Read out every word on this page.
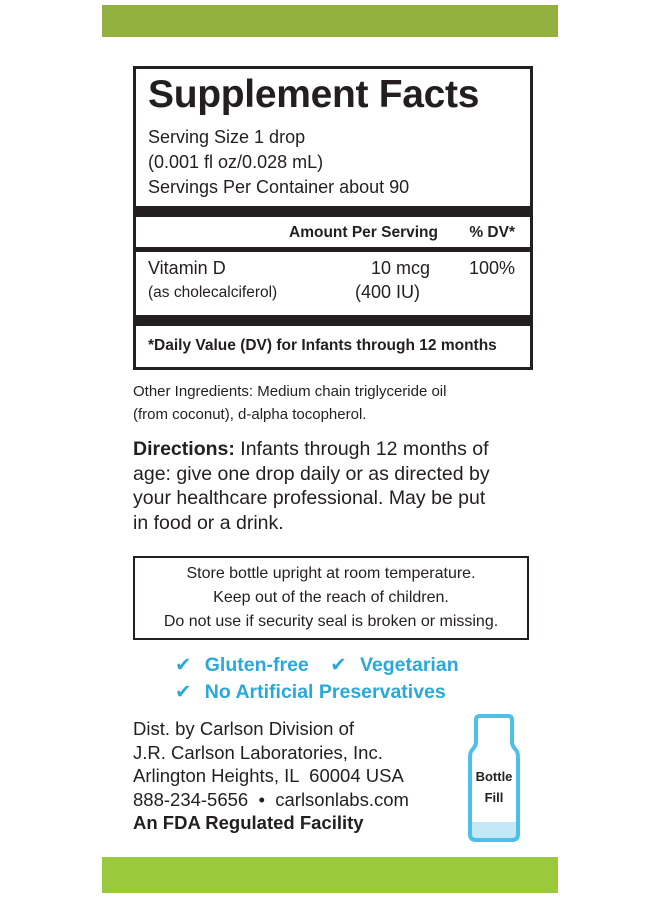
Supplement Facts
Serving Size 1 drop
(0.001 fl oz/0.028 mL)
Servings Per Container about 90
Amount Per Serving % DV*
Vitamin D	10 mcg 100%
(as cholecalciferol)	(400 IU)
*Daily Value (DV) for Infants through 12 months
Other Ingredients: Medium chain triglyceride oil
(from coconut), d-alpha tocopherol.
Directions: Infants through 12 months of
age: give one drop daily or as directed by
your healthcare professional. May be put
in food or a drink.
Store bottle upright at room temperature.
Keep out of the reach of children.
Do not use if security seal is broken or missing.
✔ Gluten-free ✔ Vegetarian
✔ No Artificial Preservatives
Dist. by Carlson Division of
J.R. Carlson Laboratories, Inc.
Arlington Heights, IL  60004 USA
888-234-5656  •  carlsonlabs.com
An FDA Regulated Facility
Bottle
Fill
